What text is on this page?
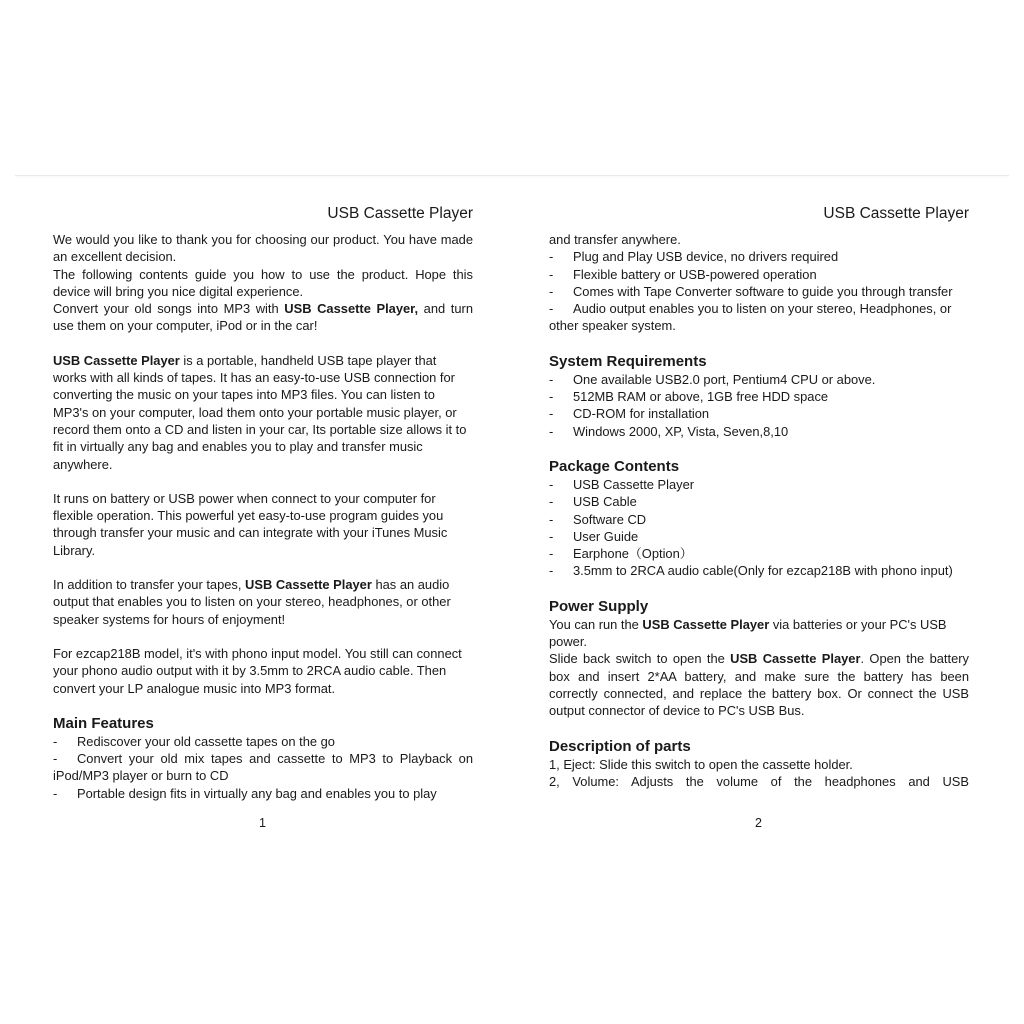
USB Cassette Player

We would you like to thank you for choosing our product. You have made an excellent decision.

The following contents guide you how to use the product. Hope this device will bring you nice digital experience.

Convert your old songs into MP3 with USB Cassette Player, and turn use them on your computer, iPod or in the car!

USB Cassette Player is a portable, handheld USB tape player that works with all kinds of tapes. It has an easy-to-use USB connection for converting the music on your tapes into MP3 files. You can listen to MP3's on your computer, load them onto your portable music player, or record them onto a CD and listen in your car, Its portable size allows it to fit in virtually any bag and enables you to play and transfer music anywhere.

It runs on battery or USB power when connect to your computer for flexible operation. This powerful yet easy-to-use program guides you through transfer your music and can integrate with your iTunes Music Library.

In addition to transfer your tapes, USB Cassette Player has an audio output that enables you to listen on your stereo, headphones, or other speaker systems for hours of enjoyment!

For ezcap218B model, it's with phono input model. You still can connect your phono audio output with it by 3.5mm to 2RCA audio cable. Then convert your LP analogue music into MP3 format.

Main Features
- Rediscover your old cassette tapes on the go
- Convert your old mix tapes and cassette to MP3 to Playback on iPod/MP3 player or burn to CD
- Portable design fits in virtually any bag and enables you to play
1
USB Cassette Player

and transfer anywhere.

- Plug and Play USB device, no drivers required
- Flexible battery or USB-powered operation
- Comes with Tape Converter software to guide you through transfer
- Audio output enables you to listen on your stereo, Headphones, or other speaker system.
System Requirements
- One available USB2.0 port, Pentium4 CPU or above.
- 512MB RAM or above, 1GB free HDD space
- CD-ROM for installation
- Windows 2000, XP, Vista, Seven,8,10
Package Contents
- USB Cassette Player
- USB Cable
- Software CD
- User Guide
- Earphone（Option）
- 3.5mm to 2RCA audio cable(Only for ezcap218B with phono input)
Power Supply

You can run the USB Cassette Player via batteries or your PC's USB power.

Slide back switch to open the USB Cassette Player. Open the battery box and insert 2*AA battery, and make sure the battery has been correctly connected, and replace the battery box. Or connect the USB output connector of device to PC's USB Bus.

Description of parts

1, Eject: Slide this switch to open the cassette holder.

2, Volume: Adjusts the volume of the headphones and USB

2
